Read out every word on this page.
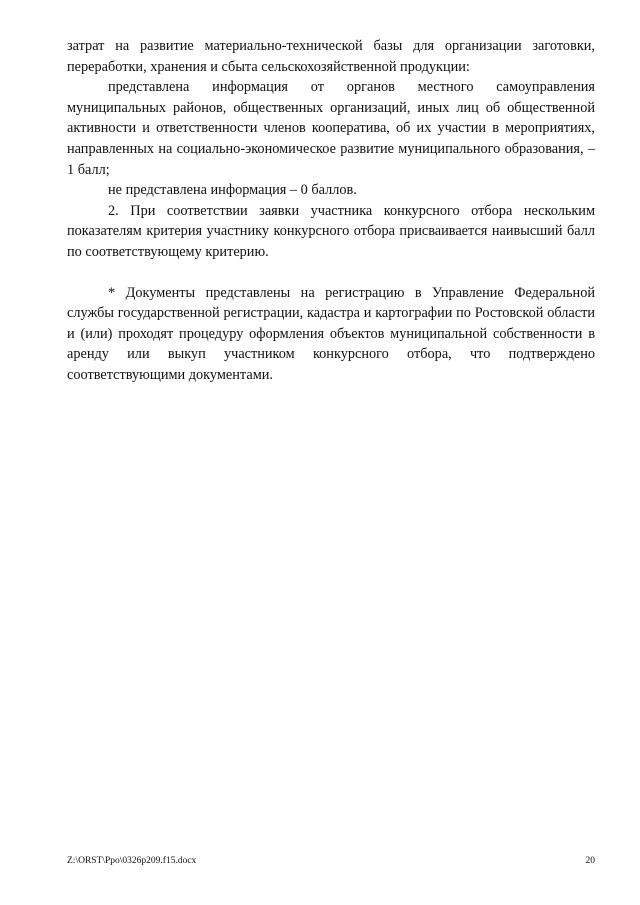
затрат на развитие материально-технической базы для организации заготовки, переработки, хранения и сбыта сельскохозяйственной продукции:

представлена информация от органов местного самоуправления муниципальных районов, общественных организаций, иных лиц об общественной активности и ответственности членов кооператива, об их участии в мероприятиях, направленных на социально-экономическое развитие муниципального образования, – 1 балл;

не представлена информация – 0 баллов.

2. При соответствии заявки участника конкурсного отбора нескольким показателям критерия участнику конкурсного отбора присваивается наивысший балл по соответствующему критерию.

* Документы представлены на регистрацию в Управление Федеральной службы государственной регистрации, кадастра и картографии по Ростовской области и (или) проходят процедуру оформления объектов муниципальной собственности в аренду или выкуп участником конкурсного отбора, что подтверждено соответствующими документами.

Z:\ORST\Ppo\0326p209.f15.docx	20
